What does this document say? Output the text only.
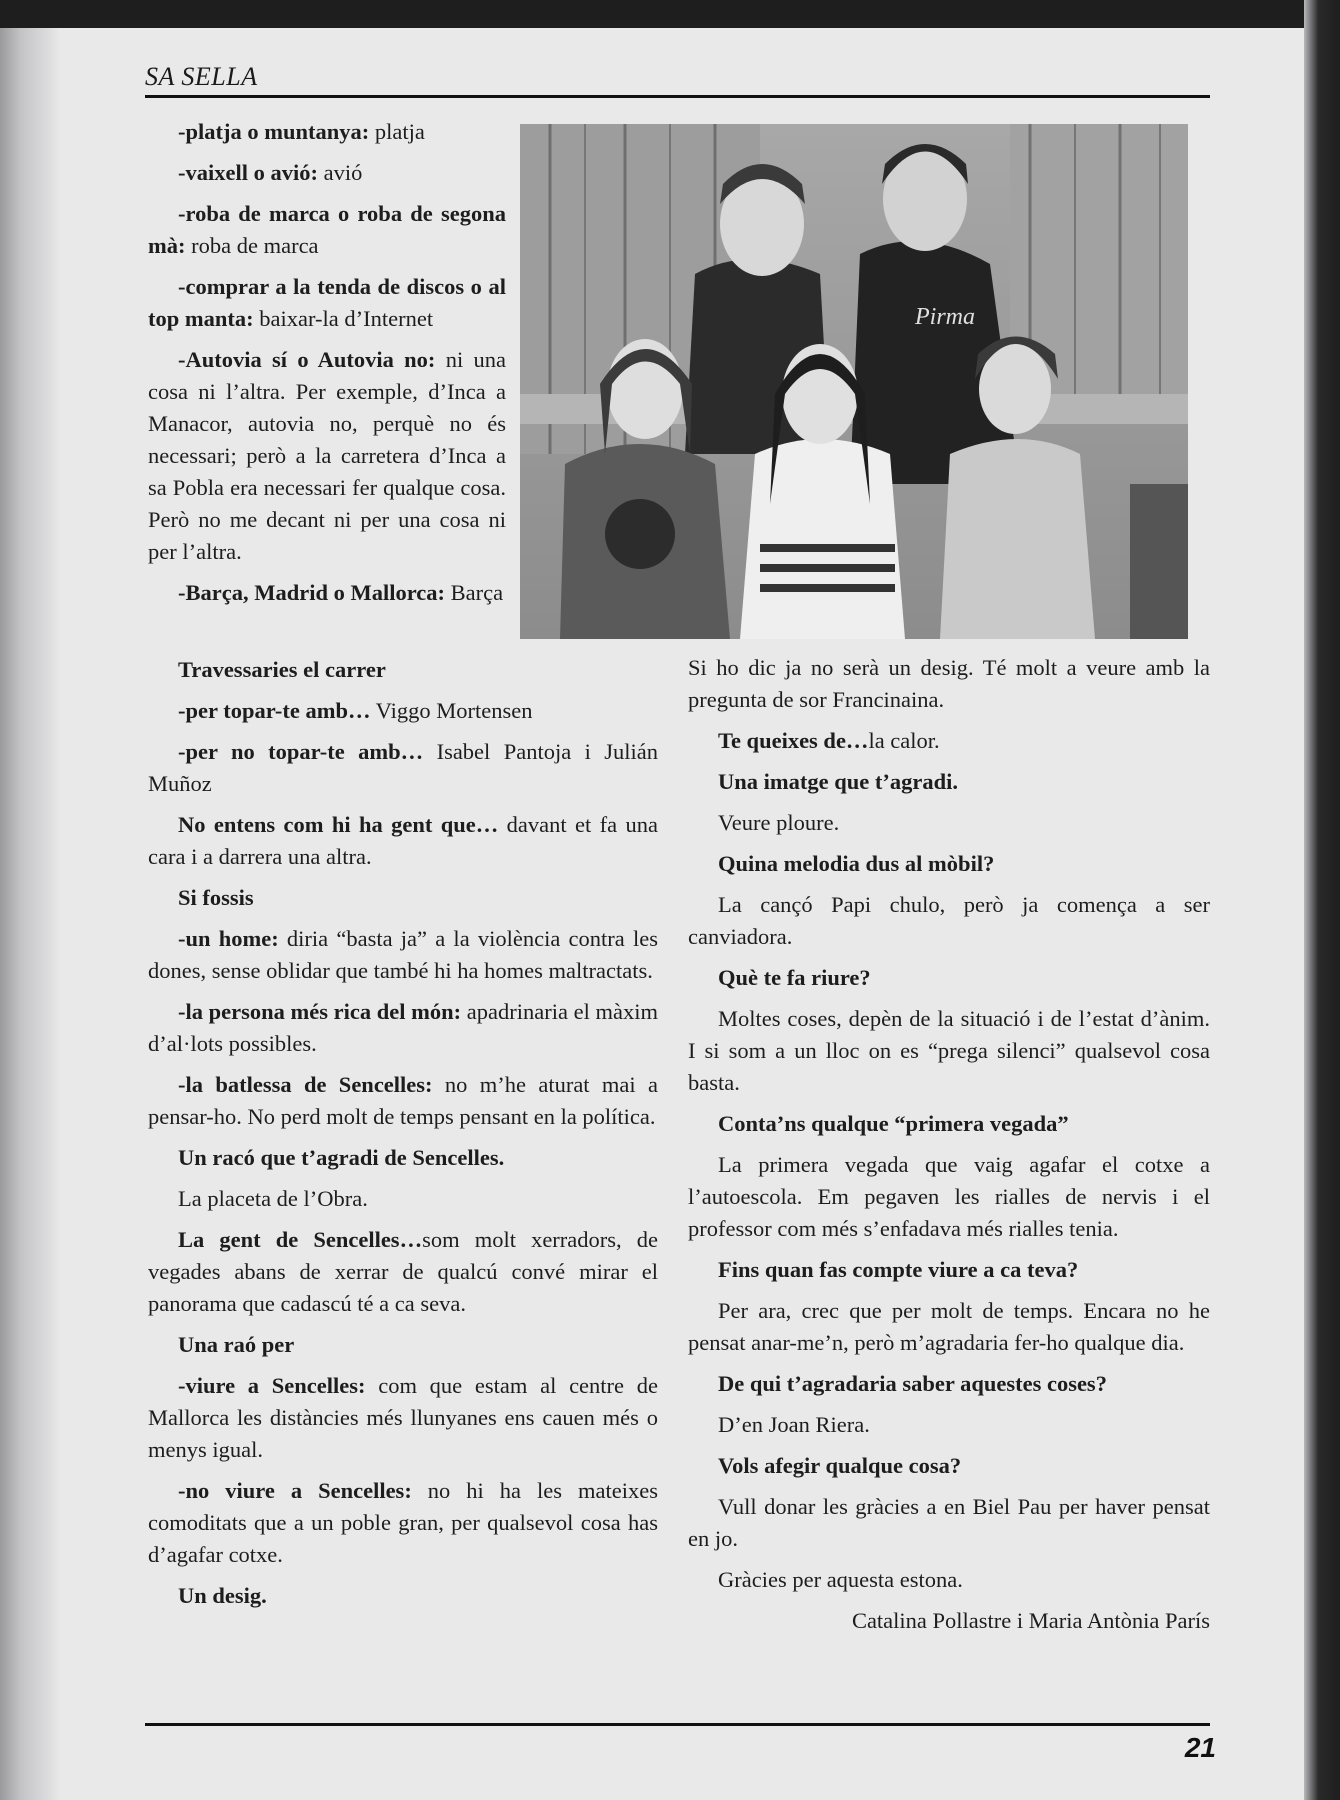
SA SELLA

-platja o muntanya: platja

-vaixell o avió: avió

-roba de marca o roba de segona mà: roba de marca

-comprar a la tenda de discos o al top manta: baixar-la d’Internet

-Autovia sí o Autovia no: ni una cosa ni l’altra. Per exemple, d’Inca a Manacor, autovia no, perquè no és necessari; però a la carretera d’Inca a sa Pobla era necessari fer qualque cosa. Però no me decant ni per una cosa ni per l’altra.

-Barça, Madrid o Mallorca: Barça

Pirma

Travessaries el carrer

-per topar-te amb… Viggo Mortensen

-per no topar-te amb… Isabel Pantoja i Julián Muñoz

No entens com hi ha gent que… davant et fa una cara i a darrera una altra.

Si fossis

-un home: diria “basta ja” a la violència contra les dones, sense oblidar que també hi ha homes maltractats.

-la persona més rica del món: apadrinaria el màxim d’al·lots possibles.

-la batlessa de Sencelles: no m’he aturat mai a pensar-ho. No perd molt de temps pensant en la política.

Un racó que t’agradi de Sencelles.

La placeta de l’Obra.

La gent de Sencelles…som molt xerradors, de vegades abans de xerrar de qualcú convé mirar el panorama que cadascú té a ca seva.

Una raó per

-viure a Sencelles: com que estam al centre de Mallorca les distàncies més llunyanes ens cauen més o menys igual.

-no viure a Sencelles: no hi ha les mateixes comoditats que a un poble gran, per qualsevol cosa has d’agafar cotxe.

Un desig.

Si ho dic ja no serà un desig. Té molt a veure amb la pregunta de sor Francinaina.

Te queixes de…la calor.

Una imatge que t’agradi.

Veure ploure.

Quina melodia dus al mòbil?

La cançó Papi chulo, però ja comença a ser canviadora.

Què te fa riure?

Moltes coses, depèn de la situació i de l’estat d’ànim. I si som a un lloc on es “prega silenci” qualsevol cosa basta.

Conta’ns qualque “primera vegada”

La primera vegada que vaig agafar el cotxe a l’autoescola. Em pegaven les rialles de nervis i el professor com més s’enfadava més rialles tenia.

Fins quan fas compte viure a ca teva?

Per ara, crec que per molt de temps. Encara no he pensat anar-me’n, però m’agradaria fer-ho qualque dia.

De qui t’agradaria saber aquestes coses?

D’en Joan Riera.

Vols afegir qualque cosa?

Vull donar les gràcies a en Biel Pau per haver pensat en jo.

Gràcies per aquesta estona.

Catalina Pollastre i Maria Antònia París

21
